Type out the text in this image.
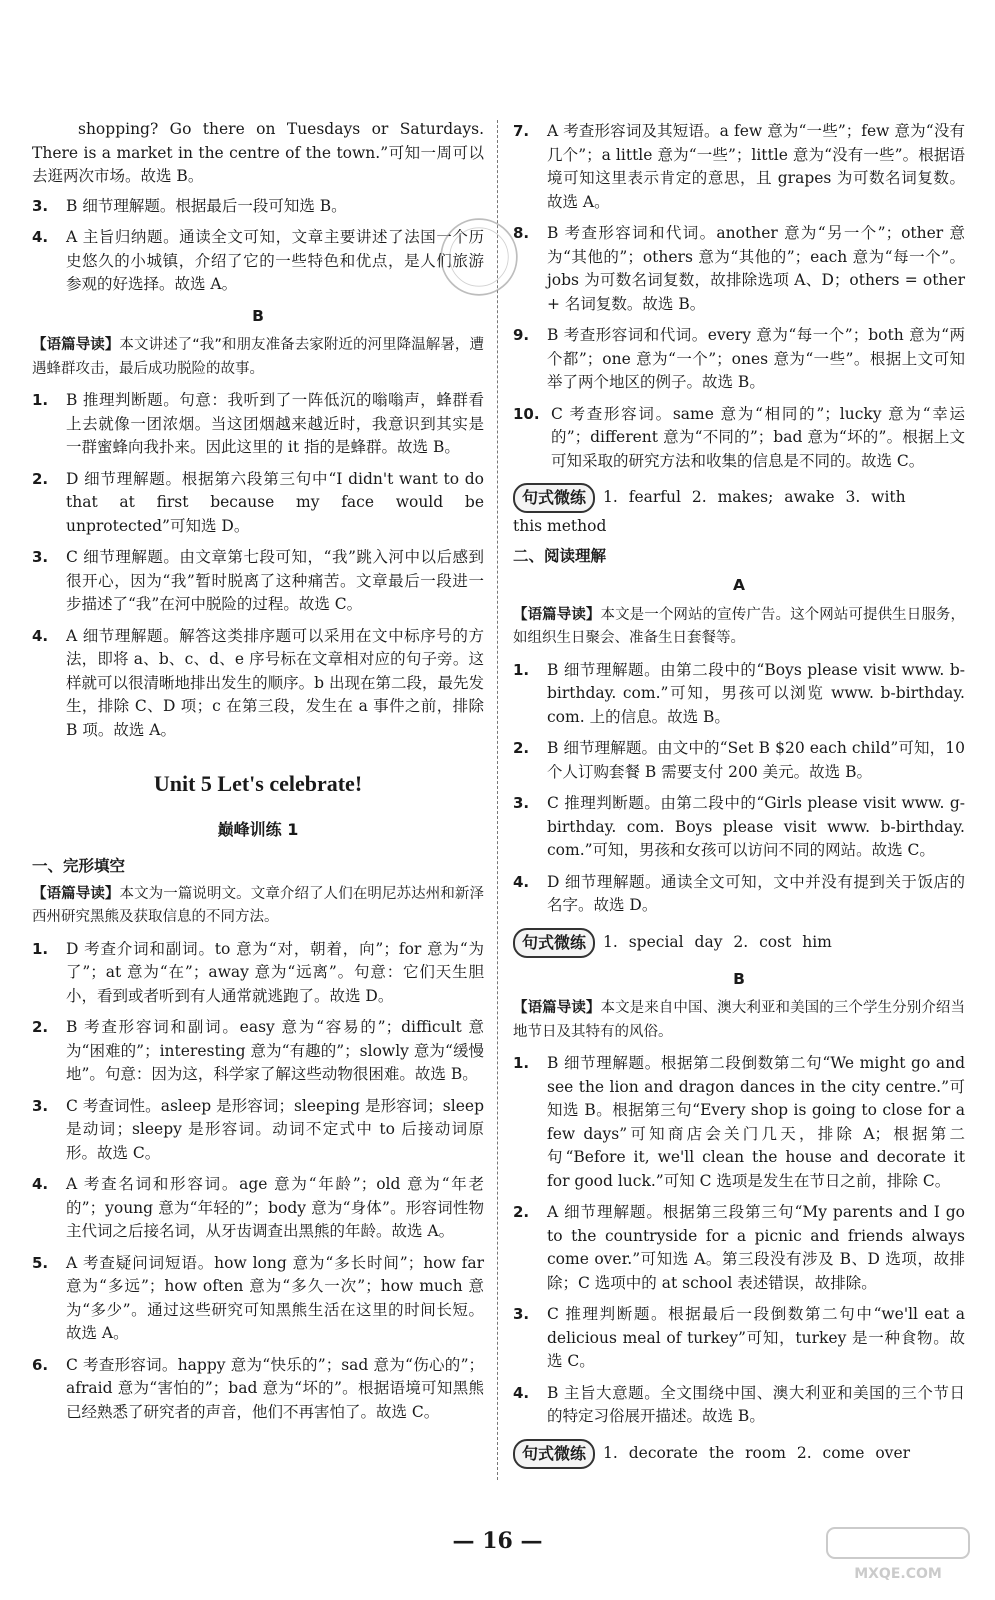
shopping? Go there on Tuesdays or Saturdays. There is a market in the centre of the town.”可知一周可以去逛两次市场。故选 B。

3.	B 细节理解题。根据最后一段可知选 B。
4.	A 主旨归纳题。通读全文可知，文章主要讲述了法国一个历史悠久的小城镇，介绍了它的一些特色和优点，是人们旅游参观的好选择。故选 A。
B
【语篇导读】本文讲述了“我”和朋友准备去家附近的河里降温解暑，遭遇蜂群攻击，最后成功脱险的故事。
1.	B 推理判断题。句意：我听到了一阵低沉的嗡嗡声，蜂群看上去就像一团浓烟。当这团烟越来越近时，我意识到其实是一群蜜蜂向我扑来。因此这里的 it 指的是蜂群。故选 B。
2.	D 细节理解题。根据第六段第三句中“I didn't want to do that at first because my face would be unprotected”可知选 D。
3.	C 细节理解题。由文章第七段可知，“我”跳入河中以后感到很开心，因为“我”暂时脱离了这种痛苦。文章最后一段进一步描述了“我”在河中脱险的过程。故选 C。
4.	A 细节理解题。解答这类排序题可以采用在文中标序号的方法，即将 a、b、c、d、e 序号标在文章相对应的句子旁。这样就可以很清晰地排出发生的顺序。b 出现在第二段，最先发生，排除 C、D 项；c 在第三段，发生在 a 事件之前，排除 B 项。故选 A。
Unit 5 Let's celebrate!
巅峰训练 1
一、完形填空
【语篇导读】本文为一篇说明文。文章介绍了人们在明尼苏达州和新泽西州研究黑熊及获取信息的不同方法。
1.	D 考查介词和副词。to 意为“对，朝着，向”；for 意为“为了”；at 意为“在”；away 意为“远离”。句意：它们天生胆小，看到或者听到有人通常就逃跑了。故选 D。
2.	B 考查形容词和副词。easy 意为“容易的”；difficult 意为“困难的”；interesting 意为“有趣的”；slowly 意为“缓慢地”。句意：因为这，科学家了解这些动物很困难。故选 B。
3.	C 考查词性。asleep 是形容词；sleeping 是形容词；sleep 是动词；sleepy 是形容词。动词不定式中 to 后接动词原形。故选 C。
4.	A 考查名词和形容词。age 意为“年龄”；old 意为“年老的”；young 意为“年轻的”；body 意为“身体”。形容词性物主代词之后接名词，从牙齿调查出黑熊的年龄。故选 A。
5.	A 考查疑问词短语。how long 意为“多长时间”；how far 意为“多远”；how often 意为“多久一次”；how much 意为“多少”。通过这些研究可知黑熊生活在这里的时间长短。故选 A。
6.	C 考查形容词。happy 意为“快乐的”；sad 意为“伤心的”；afraid 意为“害怕的”；bad 意为“坏的”。根据语境可知黑熊已经熟悉了研究者的声音，他们不再害怕了。故选 C。
7.	A 考查形容词及其短语。a few 意为“一些”；few 意为“没有几个”；a little 意为“一些”；little 意为“没有一些”。根据语境可知这里表示肯定的意思，且 grapes 为可数名词复数。故选 A。
8.	B 考查形容词和代词。another 意为“另一个”；other 意为“其他的”；others 意为“其他的”；each 意为“每一个”。jobs 为可数名词复数，故排除选项 A、D；others = other + 名词复数。故选 B。
9.	B 考查形容词和代词。every 意为“每一个”；both 意为“两个都”；one 意为“一个”；ones 意为“一些”。根据上文可知举了两个地区的例子。故选 B。
10. C 考查形容词。same 意为“相同的”；lucky 意为“幸运的”；different 意为“不同的”；bad 意为“坏的”。根据上文可知采取的研究方法和收集的信息是不同的。故选 C。
句式微练	1. fearful 2. makes; awake 3. with
this method
二、阅读理解
A
【语篇导读】本文是一个网站的宣传广告。这个网站可提供生日服务，如组织生日聚会、准备生日套餐等。
1.	B 细节理解题。由第二段中的“Boys please visit www. b-birthday. com.”可知，男孩可以浏览 www. b-birthday. com. 上的信息。故选 B。
2.	B 细节理解题。由文中的“Set B $20 each child”可知，10 个人订购套餐 B 需要支付 200 美元。故选 B。
3.	C 推理判断题。由第二段中的“Girls please visit www. g-birthday. com. Boys please visit www. b-birthday. com.”可知，男孩和女孩可以访问不同的网站。故选 C。
4.	D 细节理解题。通读全文可知，文中并没有提到关于饭店的名字。故选 D。
句式微练	1. special day 2. cost him
B
【语篇导读】本文是来自中国、澳大利亚和美国的三个学生分别介绍当地节日及其特有的风俗。
1.	B 细节理解题。根据第二段倒数第二句“We might go and see the lion and dragon dances in the city centre.”可知选 B。根据第三句“Every shop is going to close for a few days”可知商店会关门几天，排除 A；根据第二句“Before it, we'll clean the house and decorate it for good luck.”可知 C 选项是发生在节日之前，排除 C。
2.	A 细节理解题。根据第三段第三句“My parents and I go to the countryside for a picnic and friends always come over.”可知选 A。第三段没有涉及 B、D 选项，故排除；C 选项中的 at school 表述错误，故排除。
3.	C 推理判断题。根据最后一段倒数第二句中“we'll eat a delicious meal of turkey”可知，turkey 是一种食物。故选 C。
4.	B 主旨大意题。全文围绕中国、澳大利亚和美国的三个节日的特定习俗展开描述。故选 B。
句式微练	1. decorate the room 2. come over
— 16 —
MXQE.COM
